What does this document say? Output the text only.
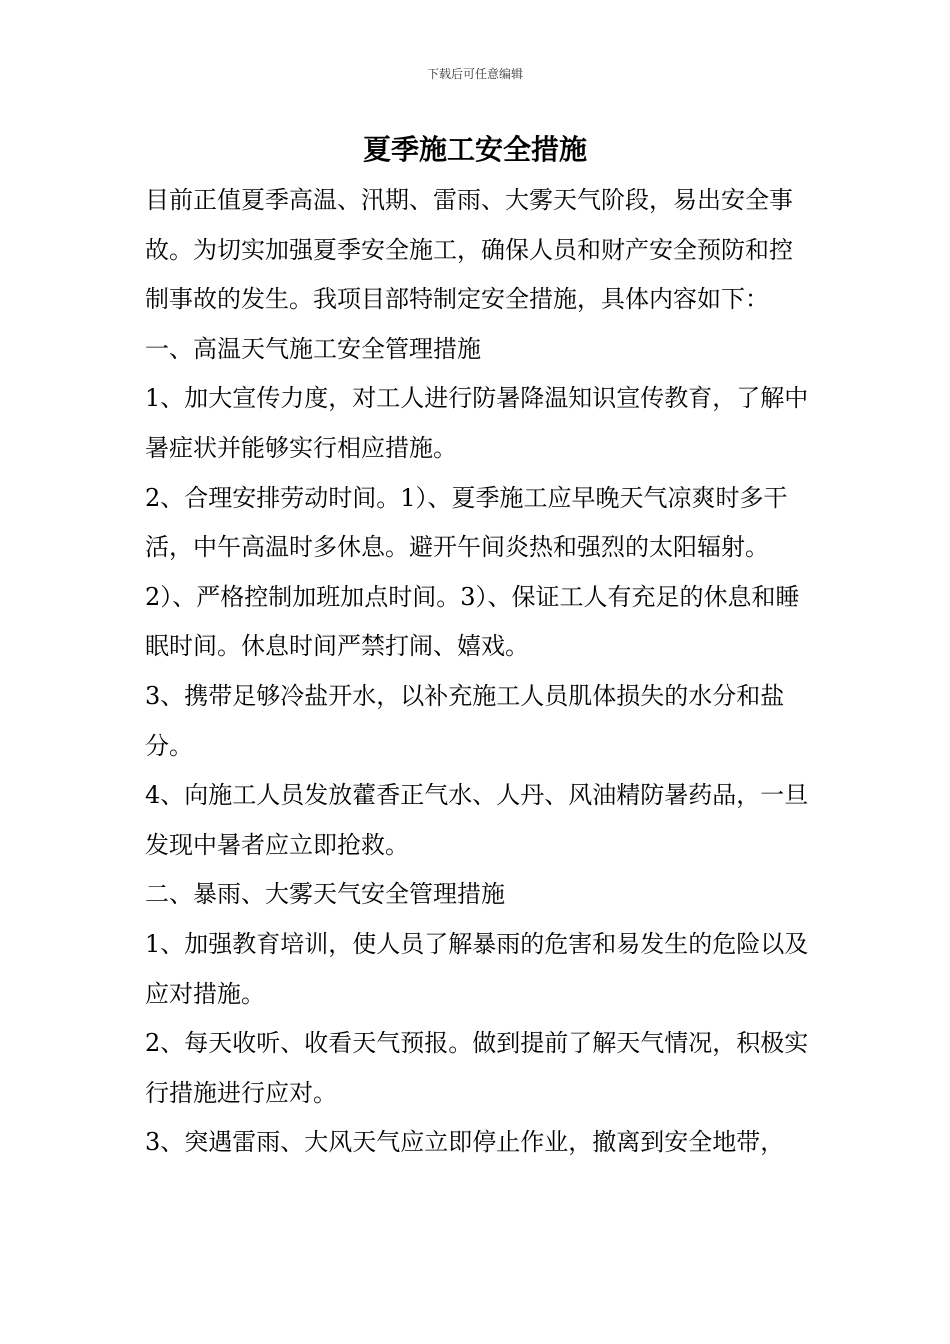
下载后可任意编辑
夏季施工安全措施

目前正值夏季高温、汛期、雷雨、大雾天气阶段，易出安全事故。为切实加强夏季安全施工，确保人员和财产安全预防和控制事故的发生。我项目部特制定安全措施，具体内容如下：

一、高温天气施工安全管理措施

1、加大宣传力度，对工人进行防暑降温知识宣传教育，了解中暑症状并能够实行相应措施。

2、合理安排劳动时间。1）、夏季施工应早晚天气凉爽时多干活，中午高温时多休息。避开午间炎热和强烈的太阳辐射。2）、严格控制加班加点时间。3）、保证工人有充足的休息和睡眠时间。休息时间严禁打闹、嬉戏。

3、携带足够冷盐开水，以补充施工人员肌体损失的水分和盐分。

4、向施工人员发放藿香正气水、人丹、风油精防暑药品，一旦发现中暑者应立即抢救。

二、暴雨、大雾天气安全管理措施

1、加强教育培训，使人员了解暴雨的危害和易发生的危险以及应对措施。

2、每天收听、收看天气预报。做到提前了解天气情况，积极实行措施进行应对。

3、突遇雷雨、大风天气应立即停止作业，撤离到安全地带，
